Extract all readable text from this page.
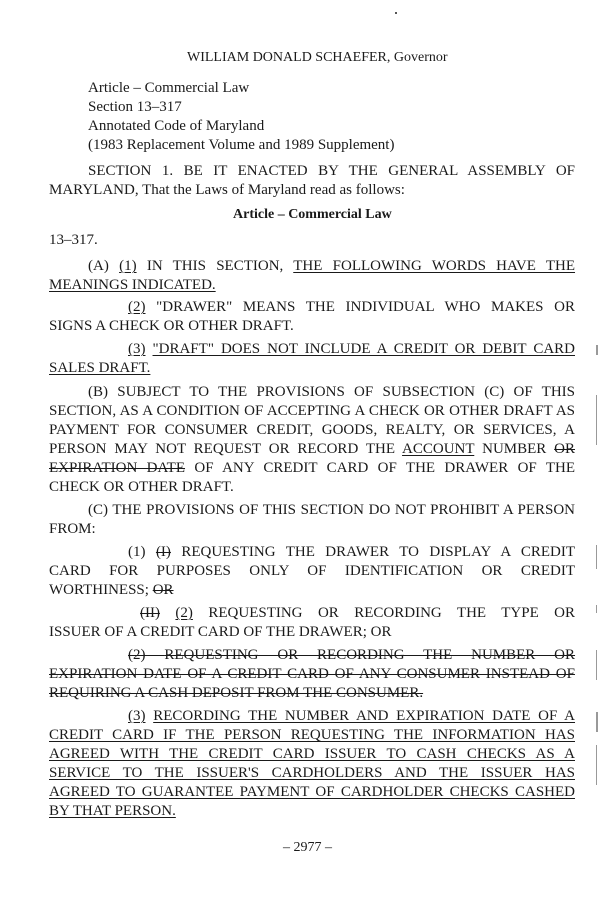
WILLIAM DONALD SCHAEFER, Governor
Article – Commercial Law
Section 13–317
Annotated Code of Maryland
(1983 Replacement Volume and 1989 Supplement)
SECTION 1. BE IT ENACTED BY THE GENERAL ASSEMBLY OF
MARYLAND, That the Laws of Maryland read as follows:
Article – Commercial Law
13–317.
(A) (1) IN THIS SECTION, THE FOLLOWING WORDS HAVE THE
MEANINGS INDICATED.
(2) "DRAWER" MEANS THE INDIVIDUAL WHO MAKES OR
SIGNS A CHECK OR OTHER DRAFT.
(3) "DRAFT" DOES NOT INCLUDE A CREDIT OR DEBIT CARD
SALES DRAFT.
(B) SUBJECT TO THE PROVISIONS OF SUBSECTION (C) OF THIS
SECTION, AS A CONDITION OF ACCEPTING A CHECK OR OTHER DRAFT AS
PAYMENT FOR CONSUMER CREDIT, GOODS, REALTY, OR SERVICES, A
PERSON MAY NOT REQUEST OR RECORD THE ACCOUNT NUMBER OR
EXPIRATION DATE OF ANY CREDIT CARD OF THE DRAWER OF THE
CHECK OR OTHER DRAFT.
(C) THE PROVISIONS OF THIS SECTION DO NOT PROHIBIT A PERSON
FROM:
(1) (I) REQUESTING THE DRAWER TO DISPLAY A CREDIT
CARD FOR PURPOSES ONLY OF IDENTIFICATION OR CREDIT
WORTHINESS; OR
(II) (2) REQUESTING OR RECORDING THE TYPE OR
ISSUER OF A CREDIT CARD OF THE DRAWER; OR
(2) REQUESTING OR RECORDING THE NUMBER OR
EXPIRATION DATE OF A CREDIT CARD OF ANY CONSUMER INSTEAD OF
REQUIRING A CASH DEPOSIT FROM THE CONSUMER.
(3) RECORDING THE NUMBER AND EXPIRATION DATE OF A
CREDIT CARD IF THE PERSON REQUESTING THE INFORMATION HAS
AGREED WITH THE CREDIT CARD ISSUER TO CASH CHECKS AS A
SERVICE TO THE ISSUER'S CARDHOLDERS AND THE ISSUER HAS
AGREED TO GUARANTEE PAYMENT OF CARDHOLDER CHECKS CASHED
BY THAT PERSON.
– 2977 –
